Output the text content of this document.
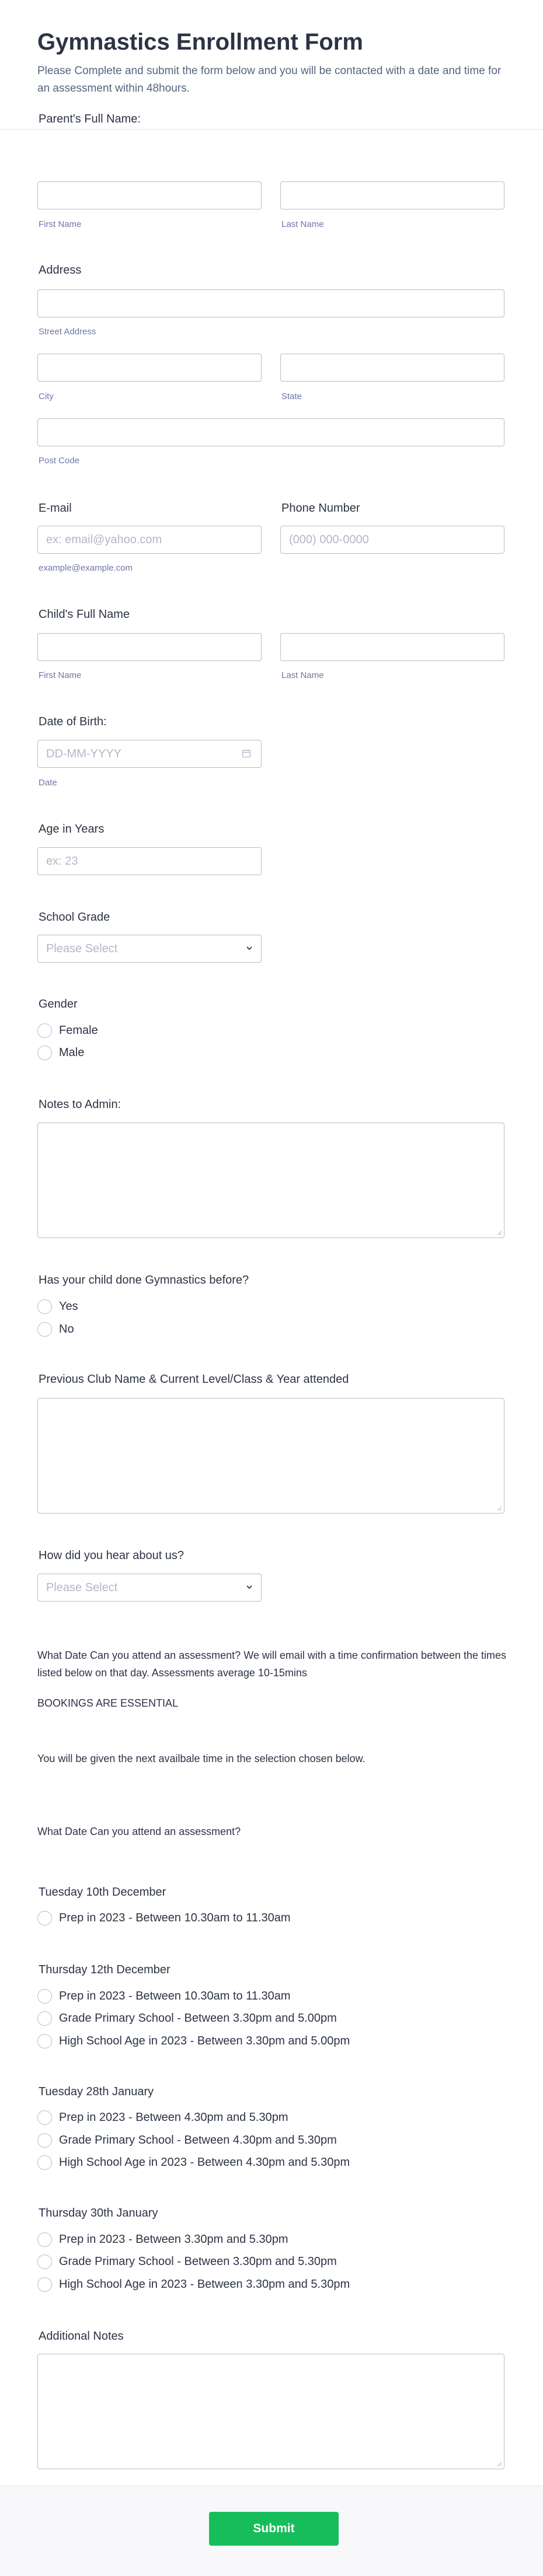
Gymnastics Enrollment Form

Please Complete and submit the form below and you will be contacted with a date and time for an assessment within 48hours.

Parent's Full Name:
First Name	Last Name
Address
Street Address
City	State
Post Code
E-mail	Phone Number
ex: email@yahoo.com	(000) 000-0000
example@example.com
Child's Full Name
First Name	Last Name
Date of Birth:
DD-MM-YYYY
Date
Age in Years
ex: 23
School Grade
Please Select
Gender
Female
Male
Notes to Admin:
Has your child done Gymnastics before?
Yes
No
Previous Club Name & Current Level/Class & Year attended
How did you hear about us?
Please Select

What Date Can you attend an assessment? We will email with a time confirmation between the times listed below on that day. Assessments average 10-15mins

BOOKINGS ARE ESSENTIAL

You will be given the next availbale time in the selection chosen below.

What Date Can you attend an assessment?

Tuesday 10th December
Prep in 2023 - Between 10.30am to 11.30am
Thursday 12th December
Prep in 2023 - Between 10.30am to 11.30am
Grade Primary School - Between 3.30pm and 5.00pm
High School Age in 2023 - Between 3.30pm and 5.00pm
Tuesday 28th January
Prep in 2023 - Between 4.30pm and 5.30pm
Grade Primary School - Between 4.30pm and 5.30pm
High School Age in 2023 - Between 4.30pm and 5.30pm
Thursday 30th January
Prep in 2023 - Between 3.30pm and 5.30pm
Grade Primary School - Between 3.30pm and 5.30pm
High School Age in 2023 - Between 3.30pm and 5.30pm
Additional Notes
Submit
